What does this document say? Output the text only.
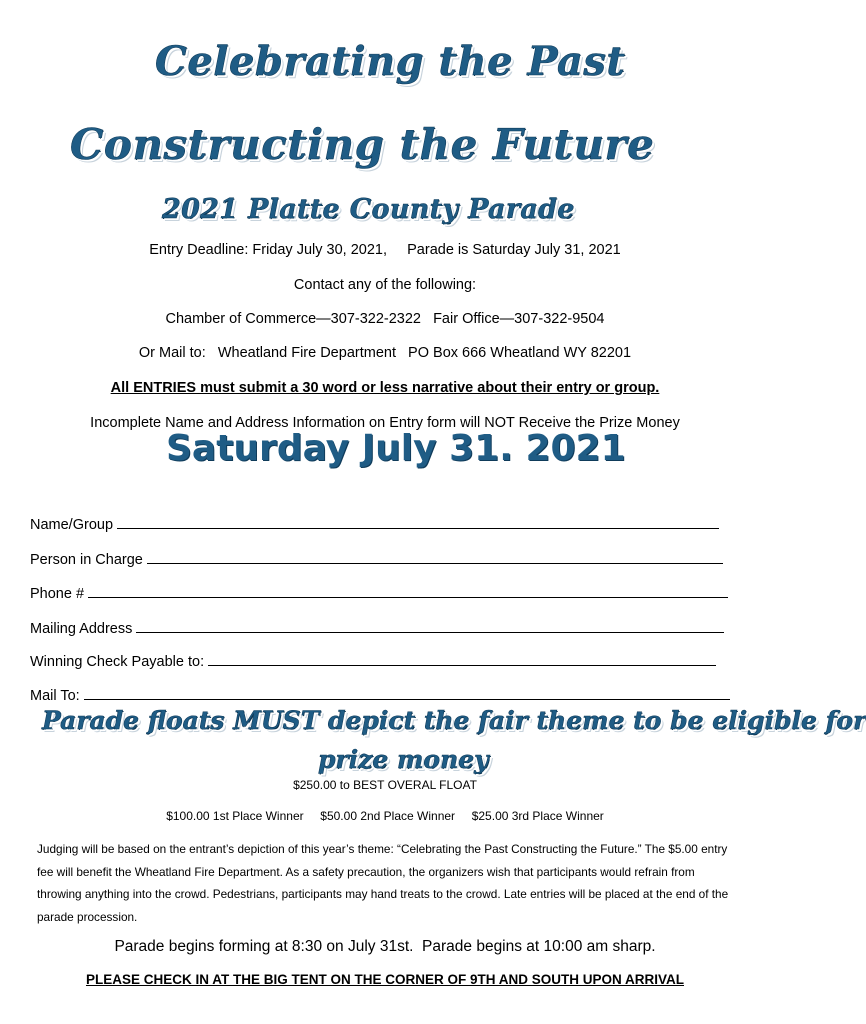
Celebrating the Past
Constructing the Future
2021 Platte County Parade
Entry Deadline: Friday July 30, 2021,     Parade is Saturday July 31, 2021
Contact any of the following:
Chamber of Commerce—307-322-2322   Fair Office—307-322-9504
Or Mail to:   Wheatland Fire Department   PO Box 666 Wheatland WY 82201
All ENTRIES must submit a 30 word or less narrative about their entry or group.
Incomplete Name and Address Information on Entry form will NOT Receive the Prize Money
Saturday July 31. 2021
Name/Group
Person in Charge
Phone #
Mailing Address
Winning Check Payable to:
Mail To:
Parade floats MUST depict the fair theme to be eligible for
prize money
$250.00 to BEST OVERAL FLOAT
$100.00 1st Place Winner     $50.00 2nd Place Winner     $25.00 3rd Place Winner
Judging will be based on the entrant’s depiction of this year’s theme: “Celebrating the Past Constructing the Future.” The $5.00 entry fee will benefit the Wheatland Fire Department. As a safety precaution, the organizers wish that participants would refrain from throwing anything into the crowd. Pedestrians, participants may hand treats to the crowd. Late entries will be placed at the end of the parade procession.
Parade begins forming at 8:30 on July 31st.  Parade begins at 10:00 am sharp.
PLEASE CHECK IN AT THE BIG TENT ON THE CORNER OF 9TH AND SOUTH UPON ARRIVAL
